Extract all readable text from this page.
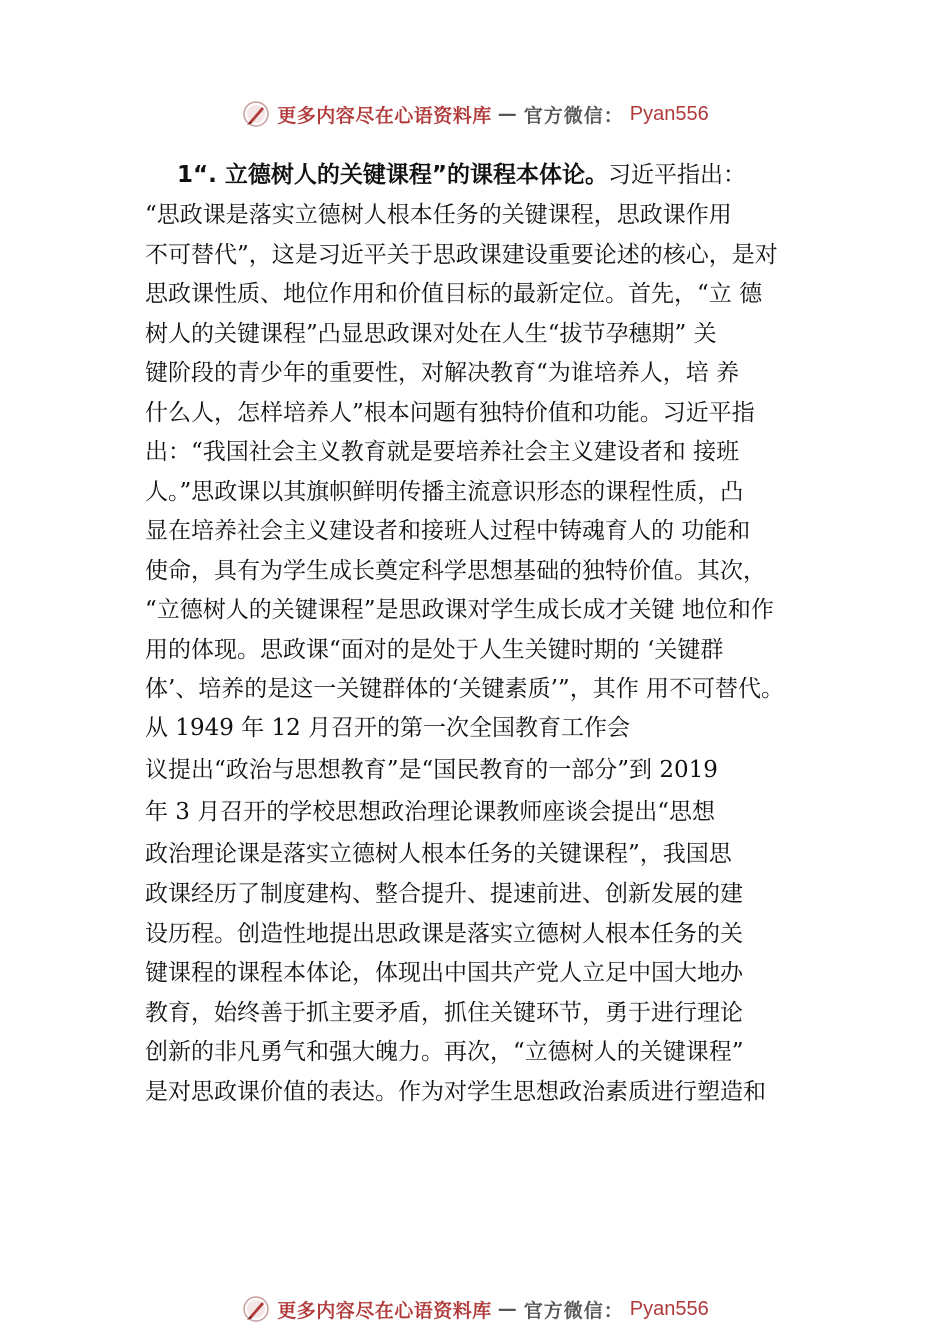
更多内容尽在心语资料库 — 官方微信： Pyan556
1“. 立德树人的关键课程”的课程本体论。习近平指出：
“思政课是落实立德树人根本任务的关键课程，思政课作用
不可替代”，这是习近平关于思政课建设重要论述的核心，是对
思政课性质、地位作用和价值目标的最新定位。首先，“立 德
树人的关键课程”凸显思政课对处在人生“拔节孕穗期” 关
键阶段的青少年的重要性，对解决教育“为谁培养人，培 养
什么人，怎样培养人”根本问题有独特价值和功能。习近平指
出：“我国社会主义教育就是要培养社会主义建设者和 接班
人。”思政课以其旗帜鲜明传播主流意识形态的课程性质，凸
显在培养社会主义建设者和接班人过程中铸魂育人的 功能和
使命，具有为学生成长奠定科学思想基础的独特价值。其次，
“立德树人的关键课程”是思政课对学生成长成才关键 地位和作
用的体现。思政课“面对的是处于人生关键时期的 ‘关键群
体’、培养的是这一关键群体的‘关键素质’”，其作 用不可替代。
从 1949 年 12 月召开的第一次全国教育工作会
议提出“政治与思想教育”是“国民教育的一部分”到 2019
年 3 月召开的学校思想政治理论课教师座谈会提出“思想
政治理论课是落实立德树人根本任务的关键课程”，我国思
政课经历了制度建构、整合提升、提速前进、创新发展的建
设历程。创造性地提出思政课是落实立德树人根本任务的关
键课程的课程本体论，体现出中国共产党人立足中国大地办
教育，始终善于抓主要矛盾，抓住关键环节，勇于进行理论
创新的非凡勇气和强大魄力。再次，“立德树人的关键课程”
是对思政课价值的表达。作为对学生思想政治素质进行塑造和
更多内容尽在心语资料库 — 官方微信： Pyan556
